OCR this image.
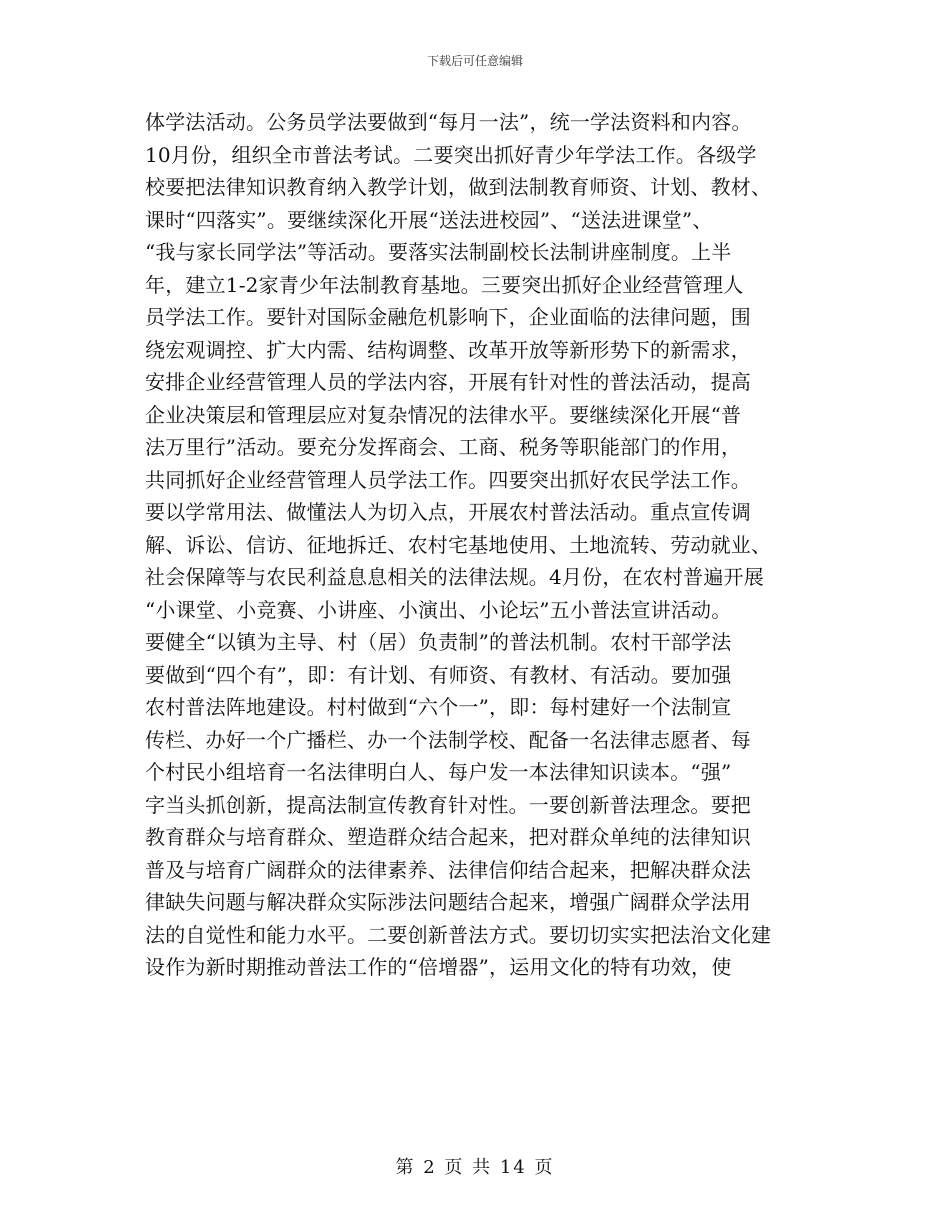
下载后可任意编辑
体学法活动。公务员学法要做到“每月一法”，统一学法资料和内容。
10月份，组织全市普法考试。二要突出抓好青少年学法工作。各级学
校要把法律知识教育纳入教学计划，做到法制教育师资、计划、教材、
课时“四落实”。要继续深化开展“送法进校园”、“送法进课堂”、
“我与家长同学法”等活动。要落实法制副校长法制讲座制度。上半
年，建立1-2家青少年法制教育基地。三要突出抓好企业经营管理人
员学法工作。要针对国际金融危机影响下，企业面临的法律问题，围
绕宏观调控、扩大内需、结构调整、改革开放等新形势下的新需求，
安排企业经营管理人员的学法内容，开展有针对性的普法活动，提高
企业决策层和管理层应对复杂情况的法律水平。要继续深化开展“普
法万里行”活动。要充分发挥商会、工商、税务等职能部门的作用，
共同抓好企业经营管理人员学法工作。四要突出抓好农民学法工作。
要以学常用法、做懂法人为切入点，开展农村普法活动。重点宣传调
解、诉讼、信访、征地拆迁、农村宅基地使用、土地流转、劳动就业、
社会保障等与农民利益息息相关的法律法规。4月份，在农村普遍开展
“小课堂、小竞赛、小讲座、小演出、小论坛”五小普法宣讲活动。
要健全“以镇为主导、村（居）负责制”的普法机制。农村干部学法
要做到“四个有”，即：有计划、有师资、有教材、有活动。要加强
农村普法阵地建设。村村做到“六个一”，即：每村建好一个法制宣
传栏、办好一个广播栏、办一个法制学校、配备一名法律志愿者、每
个村民小组培育一名法律明白人、每户发一本法律知识读本。“强”
字当头抓创新，提高法制宣传教育针对性。一要创新普法理念。要把
教育群众与培育群众、塑造群众结合起来，把对群众单纯的法律知识
普及与培育广阔群众的法律素养、法律信仰结合起来，把解决群众法
律缺失问题与解决群众实际涉法问题结合起来，增强广阔群众学法用
法的自觉性和能力水平。二要创新普法方式。要切切实实把法治文化建
设作为新时期推动普法工作的“倍增器”，运用文化的特有功效，使
第 2 页 共 14 页
